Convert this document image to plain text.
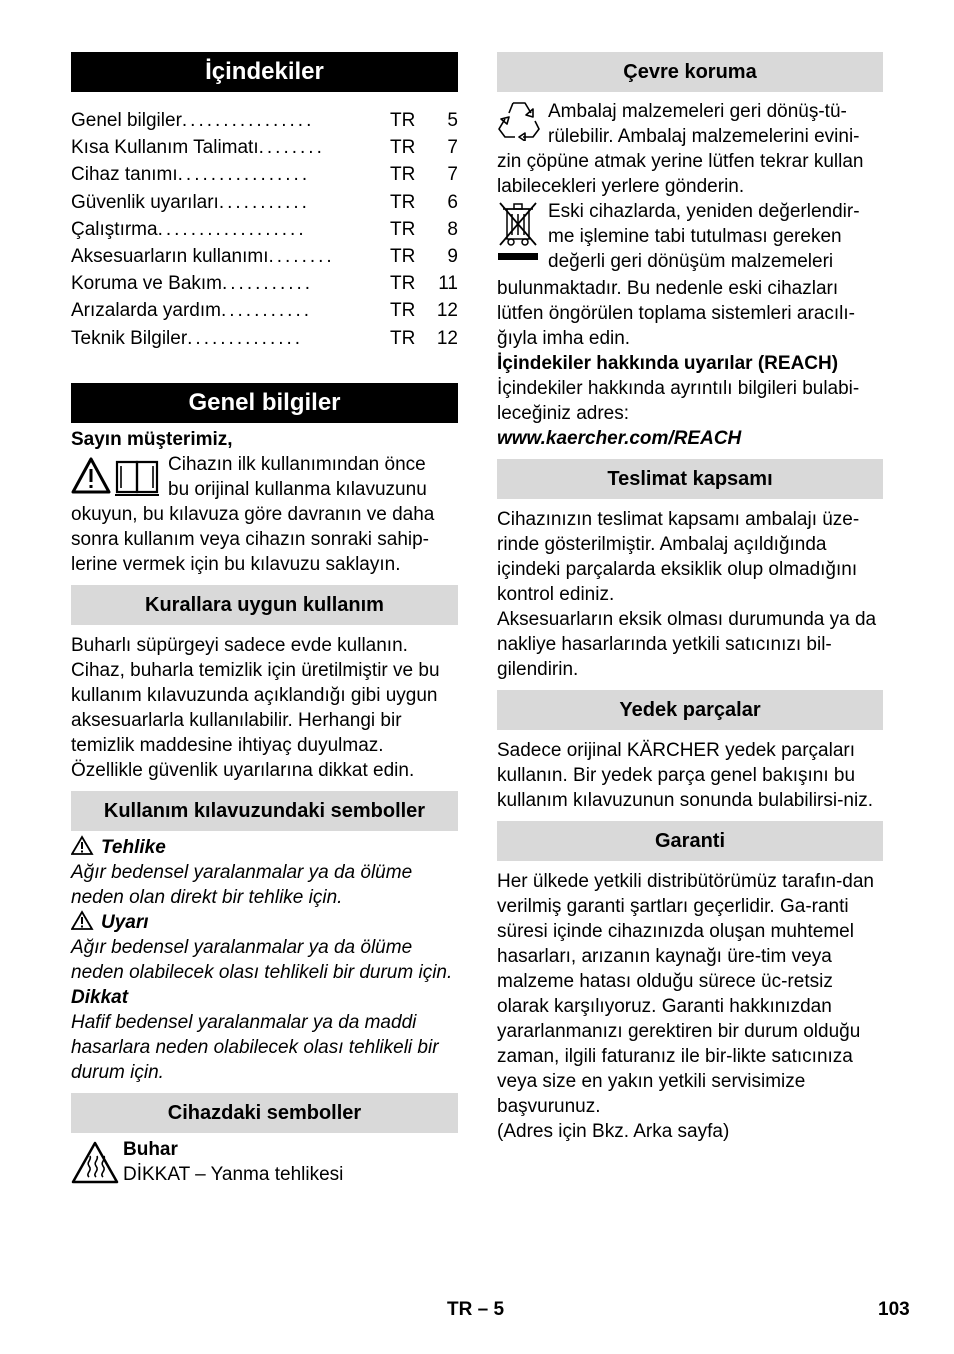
İçindekiler
Genel bilgiler................	TR	5
Kısa Kullanım Talimatı........	TR	7
Cihaz tanımı................	TR	7
Güvenlik uyarıları...........	TR	6
Çalıştırma..................	TR	8
Aksesuarların kullanımı........	TR	9
Koruma ve Bakım...........	TR	11
Arızalarda yardım...........	TR	12
Teknik Bilgiler..............	TR	12
Genel bilgiler

Sayın müşterimiz,

Cihazın ilk kullanımından önce

bu orijinal kullanma kılavuzunu

okuyun, bu kılavuza göre davranın ve daha sonra kullanım veya cihazın sonraki sahip-lerine vermek için bu kılavuzu saklayın.

Kurallara uygun kullanım

Buharlı süpürgeyi sadece evde kullanın. Cihaz, buharla temizlik için üretilmiştir ve bu kullanım kılavuzunda açıklandığı gibi uygun aksesuarlarla kullanılabilir. Herhangi bir temizlik maddesine ihtiyaç duyulmaz. Özellikle güvenlik uyarılarına dikkat edin.

Kullanım kılavuzundaki semboller

Tehlike

Ağır bedensel yaralanmalar ya da ölüme neden olan direkt bir tehlike için.

Uyarı

Ağır bedensel yaralanmalar ya da ölüme neden olabilecek olası tehlikeli bir durum için.

Dikkat

Hafif bedensel yaralanmalar ya da maddi hasarlara neden olabilecek olası tehlikeli bir durum için.

Cihazdaki semboller

Buhar

DİKKAT – Yanma tehlikesi

Çevre koruma

Ambalaj malzemeleri geri dönüş-tü-

rülebilir. Ambalaj malzemelerini evini-

zin çöpüne atmak yerine lütfen tekrar kullan labilecekleri yerlere gönderin.

Eski cihazlarda, yeniden değerlendir-

me işlemine tabi tutulması gereken

değerli geri dönüşüm malzemeleri

bulunmaktadır. Bu nedenle eski cihazları lütfen öngörülen toplama sistemleri aracılı-ğıyla imha edin.

İçindekiler hakkında uyarılar (REACH)

İçindekiler hakkında ayrıntılı bilgileri bulabi-leceğiniz adres:

www.kaercher.com/REACH

Teslimat kapsamı

Cihazınızın teslimat kapsamı ambalajı üze-rinde gösterilmiştir. Ambalaj açıldığında içindeki parçalarda eksiklik olup olmadığını kontrol ediniz.

Aksesuarların eksik olması durumunda ya da nakliye hasarlarında yetkili satıcınızı bil-gilendirin.

Yedek parçalar

Sadece orijinal KÄRCHER yedek parçaları kullanın. Bir yedek parça genel bakışını bu kullanım kılavuzunun sonunda bulabilirsi-niz.

Garanti

Her ülkede yetkili distribütörümüz tarafın-dan verilmiş garanti şartları geçerlidir. Ga-ranti süresi içinde cihazınızda oluşan muhtemel hasarları, arızanın kaynağı üre-tim veya malzeme hatası olduğu sürece üc-retsiz olarak karşılıyoruz. Garanti hakkınızdan yararlanmanızı gerektiren bir durum olduğu zaman, ilgili faturanız ile bir-likte satıcınıza veya size en yakın yetkili servisimize başvurunuz.

(Adres için Bkz. Arka sayfa)

TR – 5	103
